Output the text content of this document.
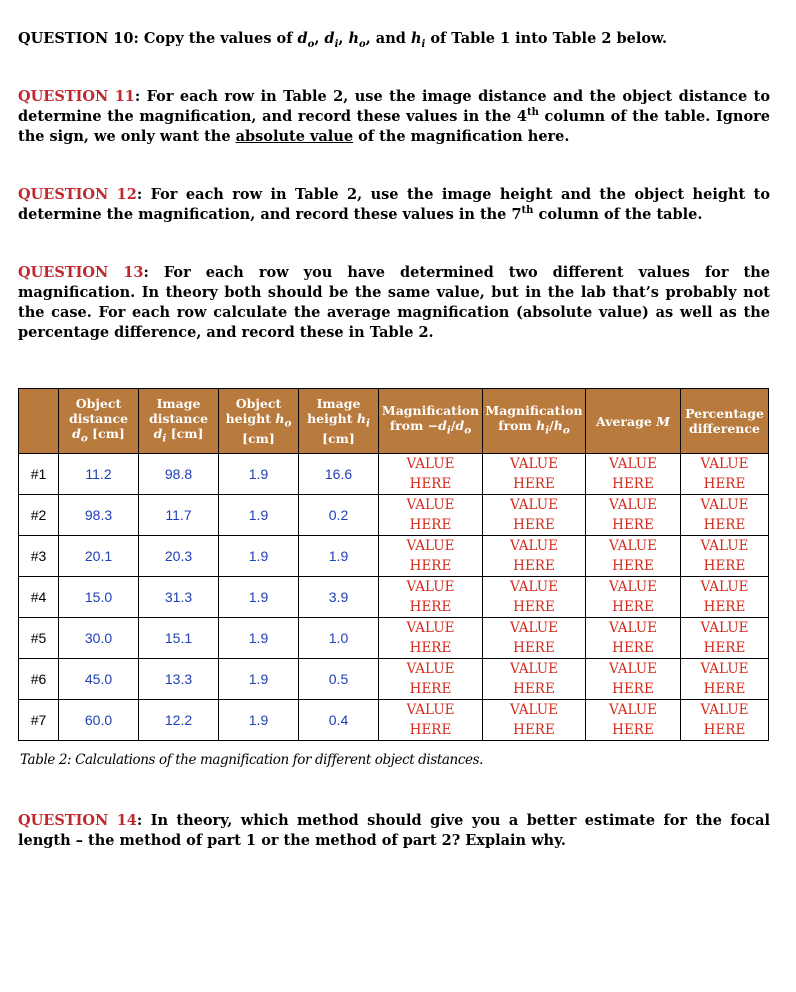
QUESTION 10: Copy the values of $d_o$, $d_i$, $h_o$, and $h_i$ of Table 1 into Table 2 below.
QUESTION 11: For each row in Table 2, use the image distance and the object distance to determine the magnification, and record these values in the 4th column of the table. Ignore the sign, we only want the absolute value of the magnification here.
QUESTION 12: For each row in Table 2, use the image height and the object height to determine the magnification, and record these values in the 7th column of the table.
QUESTION 13: For each row you have determined two different values for the magnification. In theory both should be the same value, but in the lab that’s probably not the case. For each row calculate the average magnification (absolute value) as well as the percentage difference, and record these in Table 2.
	Object
distance
$d_o$ [cm]	Image
distance
$d_i$ [cm]	Object
height $h_o$
[cm]	Image
height $h_i$
[cm]	Magnification
from $-d_i/d_o$	Magnification
from $h_i/h_o$	Average M	Percentage
difference
#1	11.2	98.8	1.9	16.6	VALUE
HERE	VALUE
HERE	VALUE
HERE	VALUE
HERE
#2	98.3	11.7	1.9	0.2	VALUE
HERE	VALUE
HERE	VALUE
HERE	VALUE
HERE
#3	20.1	20.3	1.9	1.9	VALUE
HERE	VALUE
HERE	VALUE
HERE	VALUE
HERE
#4	15.0	31.3	1.9	3.9	VALUE
HERE	VALUE
HERE	VALUE
HERE	VALUE
HERE
#5	30.0	15.1	1.9	1.0	VALUE
HERE	VALUE
HERE	VALUE
HERE	VALUE
HERE
#6	45.0	13.3	1.9	0.5	VALUE
HERE	VALUE
HERE	VALUE
HERE	VALUE
HERE
#7	60.0	12.2	1.9	0.4	VALUE
HERE	VALUE
HERE	VALUE
HERE	VALUE
HERE
Table 2: Calculations of the magnification for different object distances.
QUESTION 14: In theory, which method should give you a better estimate for the focal length – the method of part 1 or the method of part 2? Explain why.
